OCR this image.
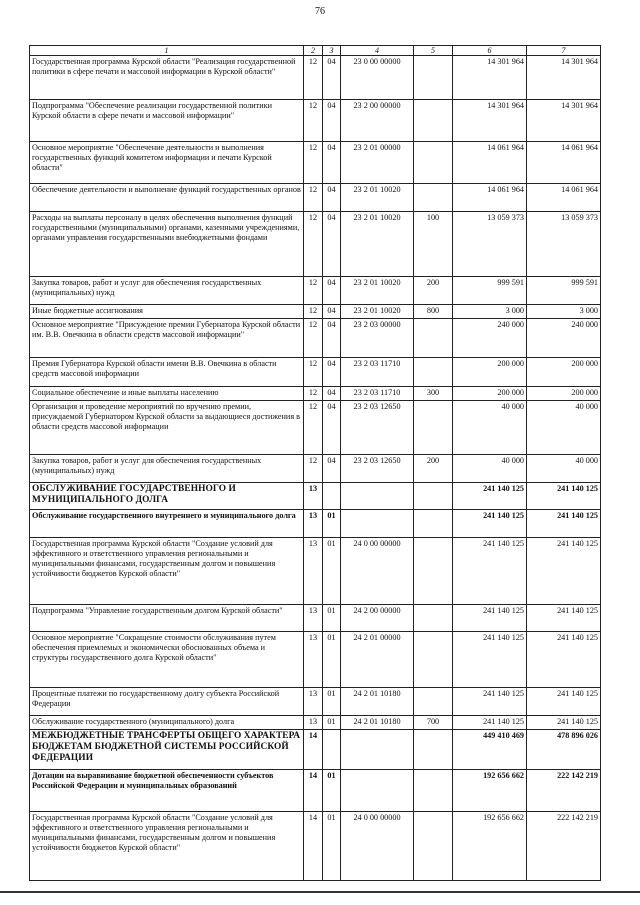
76
1	2	3	4	5	6	7
Государственная программа Курской области "Реализация государственной политики в сфере печати и массовой информации в Курской области"	12	04	23 0 00 00000		14 301 964	14 301 964
Подпрограмма "Обеспечение реализации государственной политики Курской области в сфере печати и массовой информации"	12	04	23 2 00 00000		14 301 964	14 301 964
Основное мероприятие "Обеспечение деятельности и выполнения государственных функций комитетом информации и печати Курской области"	12	04	23 2 01 00000		14 061 964	14 061 964
Обеспечение деятельности и выполнение функций государственных органов	12	04	23 2 01 10020		14 061 964	14 061 964
Расходы на выплаты персоналу в целях обеспечения выполнения функций государственными (муниципальными) органами, казенными учреждениями, органами управления государственными внебюджетными фондами	12	04	23 2 01 10020	100	13 059 373	13 059 373
Закупка товаров, работ и услуг для обеспечения государственных (муниципальных) нужд	12	04	23 2 01 10020	200	999 591	999 591
Иные бюджетные ассигнования	12	04	23 2 01 10020	800	3 000	3 000
Основное мероприятие "Присуждение премии Губернатора Курской области им. В.В. Овечкина в области средств массовой информации"	12	04	23 2 03 00000		240 000	240 000
Премия Губернатора Курской области имени В.В. Овечкина в области средств массовой информации	12	04	23 2 03 11710		200 000	200 000
Социальное обеспечение и иные выплаты населению	12	04	23 2 03 11710	300	200 000	200 000
Организация и проведение мероприятий по вручению премии, присуждаемой Губернатором Курской области за выдающиеся достижения в области средств массовой информации	12	04	23 2 03 12650		40 000	40 000
Закупка товаров, работ и услуг для обеспечения государственных (муниципальных) нужд	12	04	23 2 03 12650	200	40 000	40 000
ОБСЛУЖИВАНИЕ ГОСУДАРСТВЕННОГО И МУНИЦИПАЛЬНОГО ДОЛГА	13				241 140 125	241 140 125
Обслуживание государственного внутреннего и муниципального долга	13	01			241 140 125	241 140 125
Государственная программа Курской области "Создание условий для эффективного и ответственного управления региональными и муниципальными финансами, государственным долгом и повышения устойчивости бюджетов Курской области"	13	01	24 0 00 00000		241 140 125	241 140 125
Подпрограмма "Управление государственным долгом Курской области"	13	01	24 2 00 00000		241 140 125	241 140 125
Основное мероприятие "Сокращение стоимости обслуживания путем обеспечения приемлемых и экономически обоснованных объема и структуры государственного долга Курской области"	13	01	24 2 01 00000		241 140 125	241 140 125
Процентные платежи по государственному долгу субъекта Российской Федерации	13	01	24 2 01 10180		241 140 125	241 140 125
Обслуживание государственного (муниципального) долга	13	01	24 2 01 10180	700	241 140 125	241 140 125
МЕЖБЮДЖЕТНЫЕ ТРАНСФЕРТЫ ОБЩЕГО ХАРАКТЕРА БЮДЖЕТАМ БЮДЖЕТНОЙ СИСТЕМЫ РОССИЙСКОЙ ФЕДЕРАЦИИ	14				449 410 469	478 896 026
Дотации на выравнивание бюджетной обеспеченности субъектов Российской Федерации и муниципальных образований	14	01			192 656 662	222 142 219
Государственная программа Курской области "Создание условий для эффективного и ответственного управления региональными и муниципальными финансами, государственным долгом и повышения устойчивости бюджетов Курской области"	14	01	24 0 00 00000		192 656 662	222 142 219
